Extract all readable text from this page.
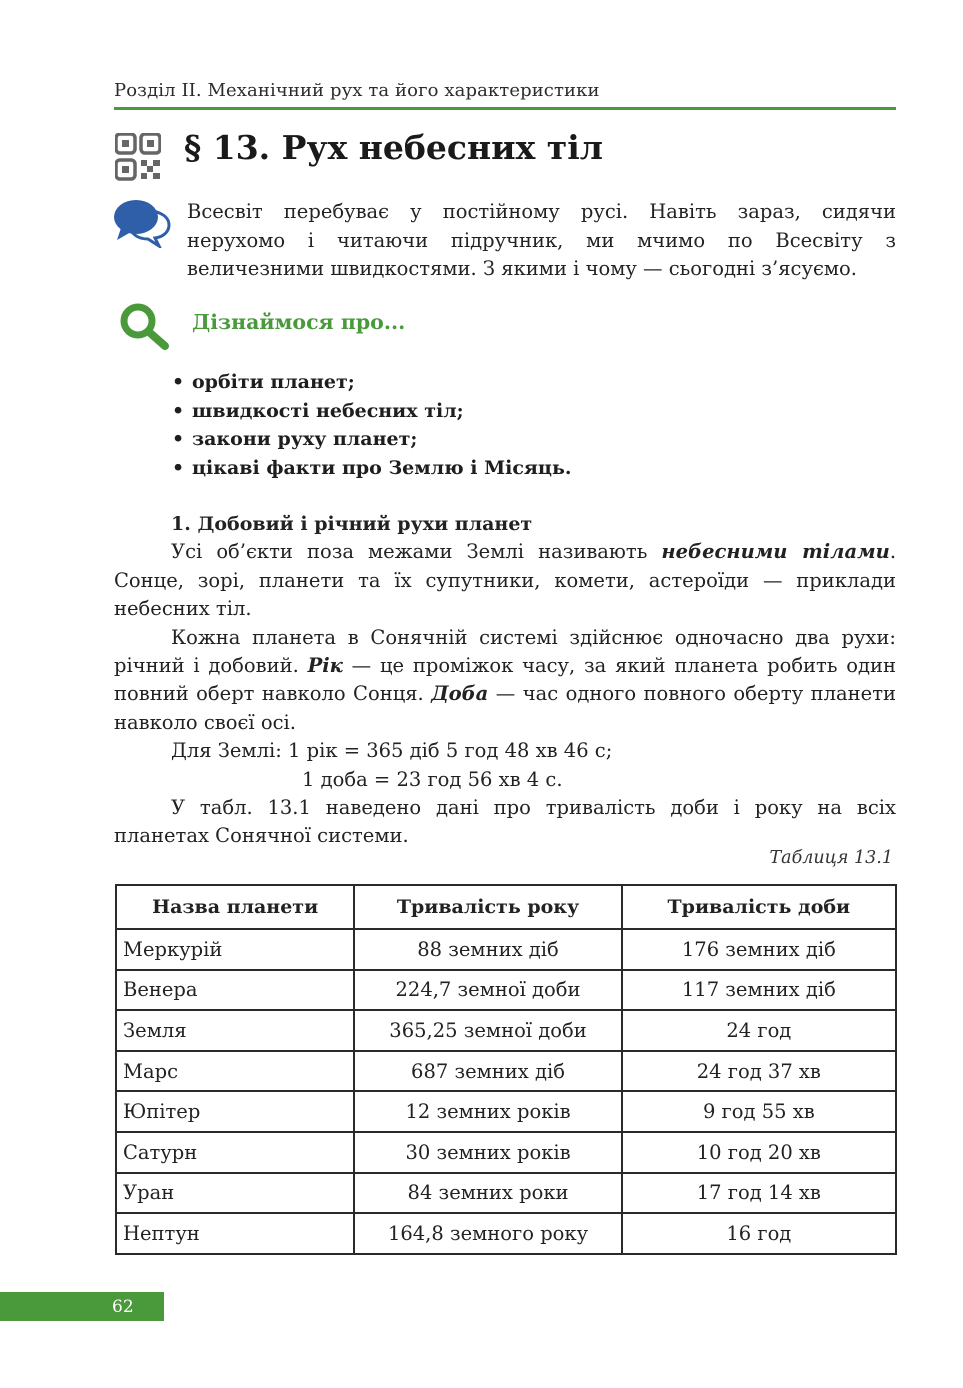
Розділ ІІ. Механічний рух та його характеристики
§ 13. Рух небесних тіл

Всесвіт перебуває у постійному русі. Навіть зараз, сидячи нерухомо і читаючи підручник, ми мчимо по Всесвіту з величезними швидкостями. З якими і чому — сьогодні з’ясуємо.

Дізнаймося про...
• орбіти планет;
• швидкості небесних тіл;
• закони руху планет;
• цікаві факти про Землю і Місяць.

1. Добовий і річний рухи планет

Усі об’єкти поза межами Землі називають небесними тілами. Сонце, зорі, планети та їх супутники, комети, астероїди — приклади небесних тіл.

Кожна планета в Сонячній системі здійснює одночасно два рухи: річний і добовий. Рік — це проміжок часу, за який планета робить один повний оберт навколо Сонця. Доба — час одного повного оберту планети навколо своєї осі.

Для Землі: 1 рік = 365 діб 5 год 48 хв 46 с;

1 доба = 23 год 56 хв 4 с.

У табл. 13.1 наведено дані про тривалість доби і року на всіх планетах Сонячної системи.

Таблиця 13.1

Назва планети	Тривалість року	Тривалість доби
Меркурій	88 земних діб	176 земних діб
Венера	224,7 земної доби	117 земних діб
Земля	365,25 земної доби	24 год
Марс	687 земних діб	24 год 37 хв
Юпітер	12 земних років	9 год 55 хв
Сатурн	30 земних років	10 год 20 хв
Уран	84 земних роки	17 год 14 хв
Нептун	164,8 земного року	16 год
62
